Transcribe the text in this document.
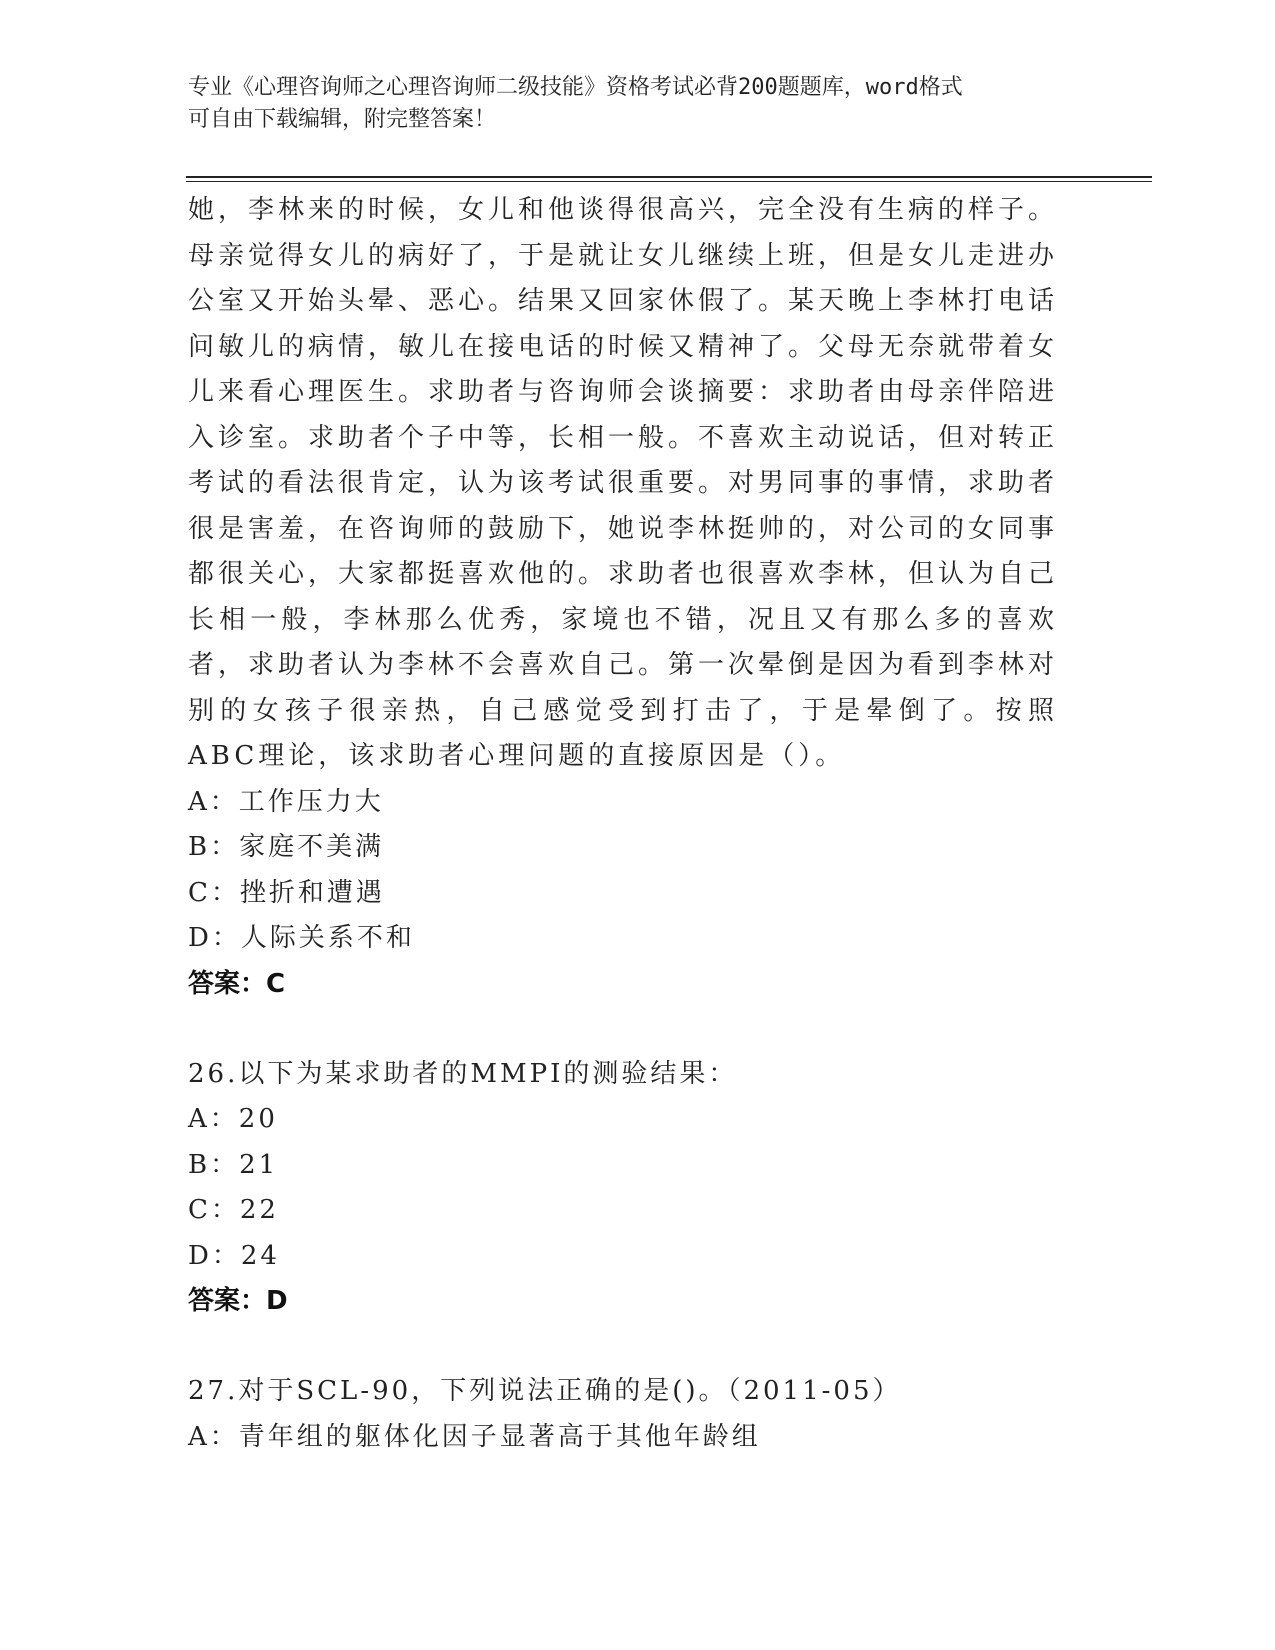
专业《心理咨询师之心理咨询师二级技能》资格考试必背200题题库，word格式
可自由下载编辑，附完整答案！

她，李林来的时候，女儿和他谈得很高兴，完全没有生病的样子。母亲觉得女儿的病好了，于是就让女儿继续上班，但是女儿走进办公室又开始头晕、恶心。结果又回家休假了。某天晚上李林打电话问敏儿的病情，敏儿在接电话的时候又精神了。父母无奈就带着女儿来看心理医生。求助者与咨询师会谈摘要：求助者由母亲伴陪进入诊室。求助者个子中等，长相一般。不喜欢主动说话，但对转正考试的看法很肯定，认为该考试很重要。对男同事的事情，求助者很是害羞，在咨询师的鼓励下，她说李林挺帅的，对公司的女同事都很关心，大家都挺喜欢他的。求助者也很喜欢李林，但认为自己长相一般，李林那么优秀，家境也不错，况且又有那么多的喜欢者，求助者认为李林不会喜欢自己。第一次晕倒是因为看到李林对别的女孩子很亲热，自己感觉受到打击了，于是晕倒了。按照ABC理论，该求助者心理问题的直接原因是（）。

A：工作压力大

B：家庭不美满

C：挫折和遭遇

D：人际关系不和

答案：C

26.以下为某求助者的MMPI的测验结果：

A：20

B：21

C：22

D：24

答案：D

27.对于SCL-90，下列说法正确的是()。（2011-05）

A：青年组的躯体化因子显著高于其他年龄组
